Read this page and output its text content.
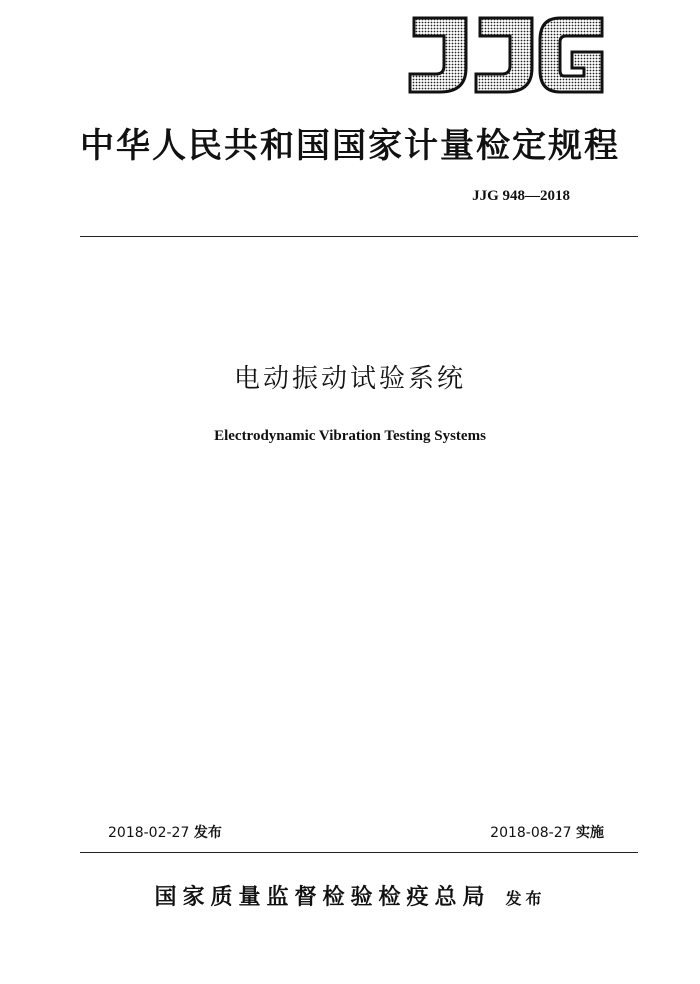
中华人民共和国国家计量检定规程
JJG 948—2018
电动振动试验系统
Electrodynamic Vibration Testing Systems
2018-02-27 发布	2018-08-27 实施
国家质量监督检验检疫总局 发布
